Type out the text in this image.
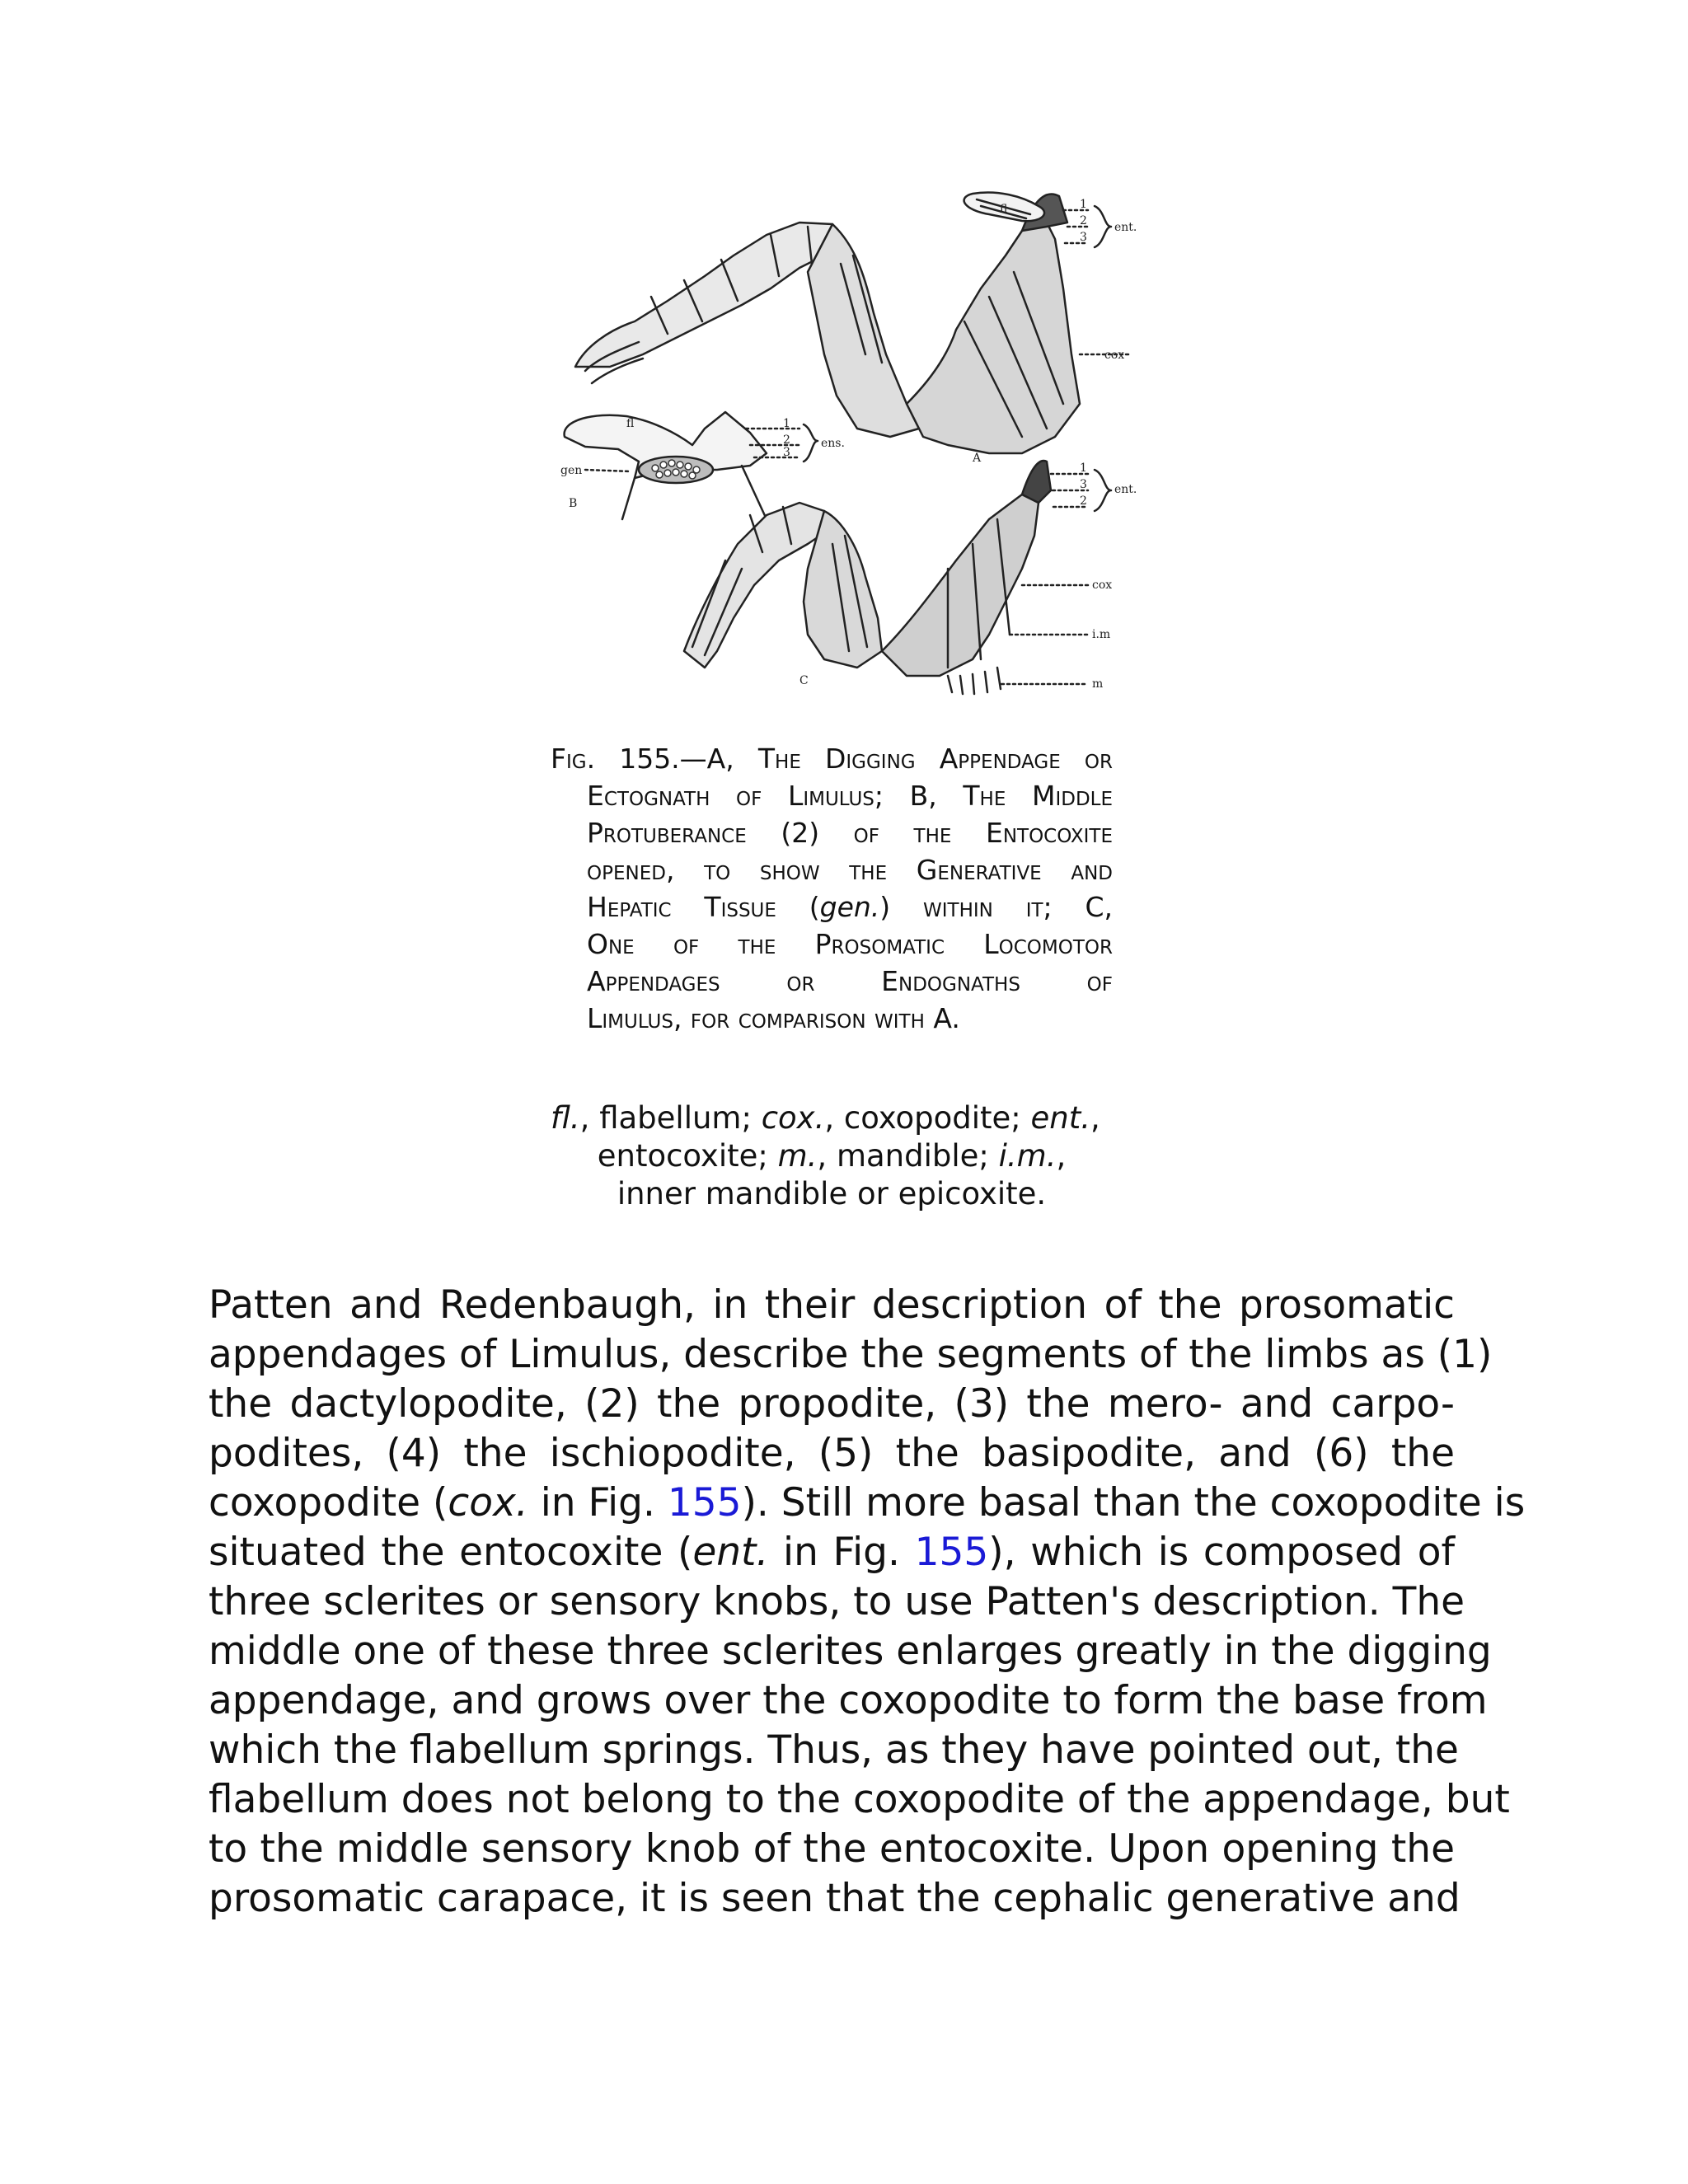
fl	1
2
3
ent.
cox
A
fl	1
2
3
ens.
gen
B
1
3
2
ent.
cox
i.m
m
C
Fig. 155.—A, The Digging Appendage or
Ectognath of Limulus; B, The Middle
Protuberance (2) of the Entocoxite
opened, to show the Generative and
Hepatic Tissue (gen.) within it; C,
One of the Prosomatic Locomotor
Appendages or Endognaths of
Limulus, for comparison with A.
fl., flabellum; cox., coxopodite; ent.,
entocoxite; m., mandible; i.m.,
inner mandible or epicoxite.
Patten and Redenbaugh, in their description of the prosomatic
appendages of Limulus, describe the segments of the limbs as (1)
the dactylopodite, (2) the propodite, (3) the mero- and carpo-
podites, (4) the ischiopodite, (5) the basipodite, and (6) the
coxopodite (cox. in Fig. 155). Still more basal than the coxopodite is
situated the entocoxite (ent. in Fig. 155), which is composed of
three sclerites or sensory knobs, to use Patten's description. The
middle one of these three sclerites enlarges greatly in the digging
appendage, and grows over the coxopodite to form the base from
which the flabellum springs. Thus, as they have pointed out, the
flabellum does not belong to the coxopodite of the appendage, but
to the middle sensory knob of the entocoxite. Upon opening the
prosomatic carapace, it is seen that the cephalic generative and
